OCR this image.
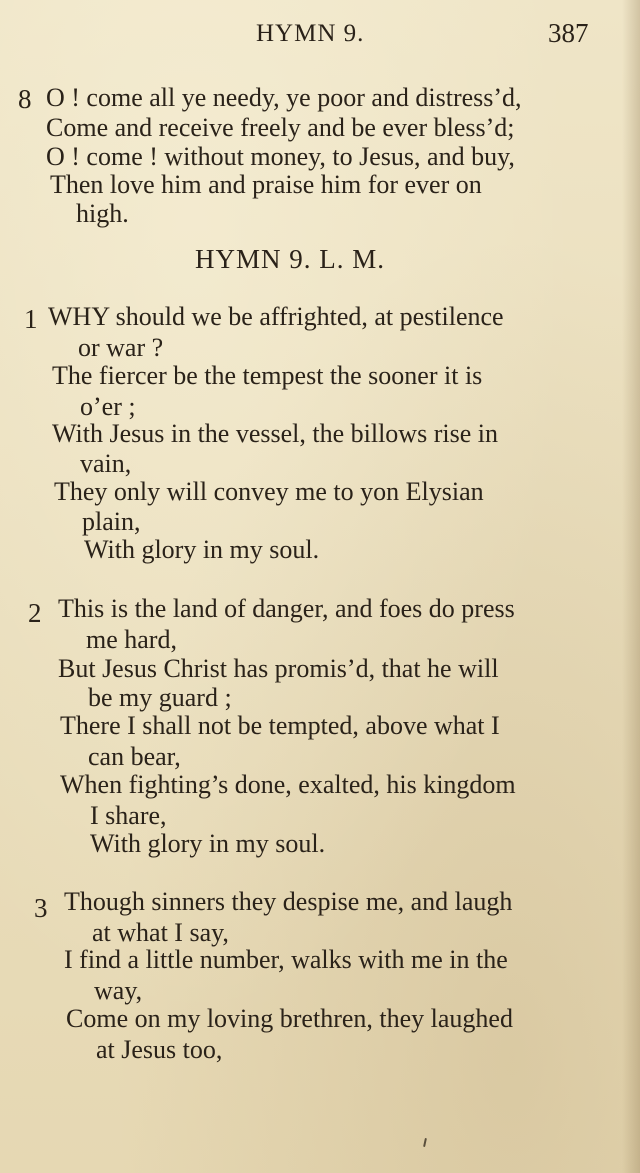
HYMN 9.	387
8 O ! come all ye needy, ye poor and distress’d,
Come and receive freely and be ever bless’d;
O ! come ! without money, to Jesus, and buy,
Then love him and praise him for ever on
high.
HYMN 9. L. M.
1 WHY should we be affrighted, at pestilence
or war ?
The fiercer be the tempest the sooner it is
o’er ;
With Jesus in the vessel, the billows rise in
vain,
They only will convey me to yon Elysian
plain,
With glory in my soul.
2 This is the land of danger, and foes do press
me hard,
But Jesus Christ has promis’d, that he will
be my guard ;
There I shall not be tempted, above what I
can bear,
When fighting’s done, exalted, his kingdom
I share,
With glory in my soul.
3 Though sinners they despise me, and laugh
at what I say,
I find a little number, walks with me in the
way,
Come on my loving brethren, they laughed
at Jesus too,
